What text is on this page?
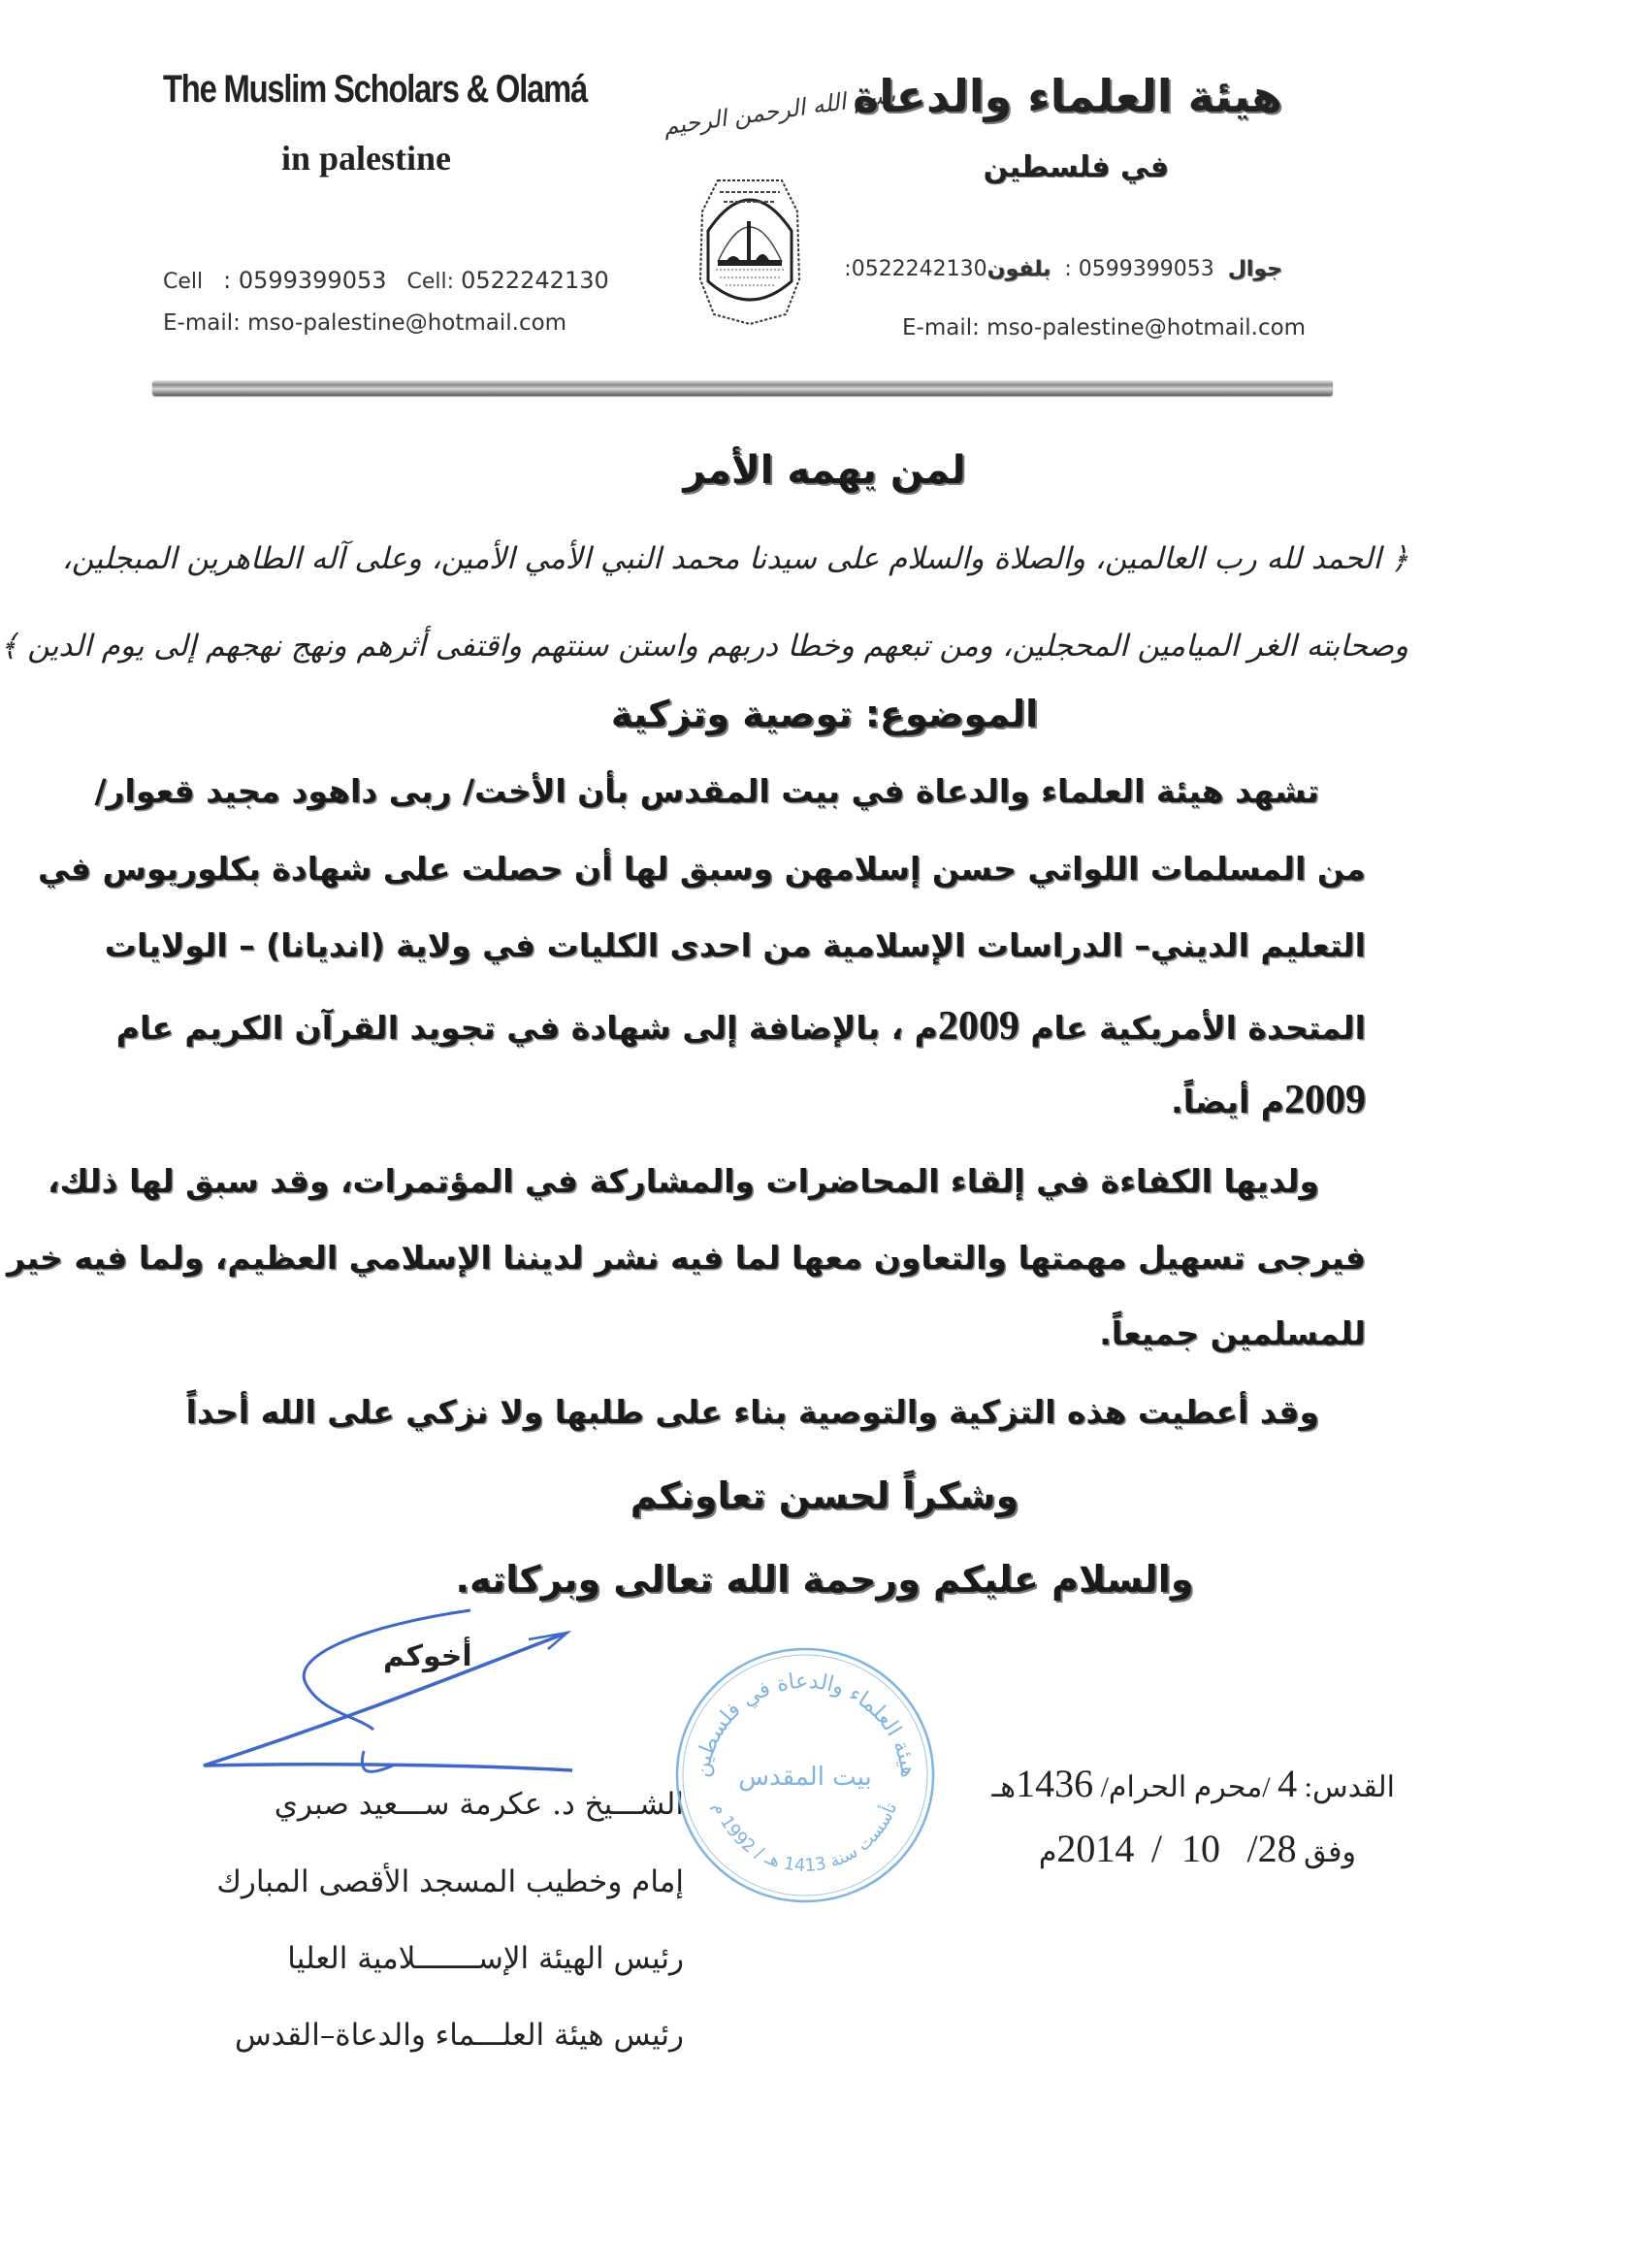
The Muslim Scholars & Olamá
in palestine
Cell : 0599399053 Cell: 0522242130
E-mail: mso-palestine@hotmail.com
بسم الله الرحمن الرحيم
هيئة العلماء والدعاة
في فلسطين
جوال  : 0599399053  بلفون:0522242130
E-mail: mso-palestine@hotmail.com
لمن يهمه الأمر
﴿ الحمد لله رب العالمين، والصلاة والسلام على سيدنا محمد النبي الأمي الأمين، وعلى آله الطاهرين المبجلين،
وصحابته الغر الميامين المحجلين، ومن تبعهم وخطا دربهم واستن سنتهم واقتفى أثرهم ونهج نهجهم إلى يوم الدين ﴾
الموضوع: توصية وتزكية
تشهد هيئة العلماء والدعاة في بيت المقدس بأن الأخت/ ربى داهود مجيد قعوار/
من المسلمات اللواتي حسن إسلامهن وسبق لها أن حصلت على شهادة بكلوريوس في
التعليم الديني– الدراسات الإسلامية من احدى الكليات في ولاية (انديانا) – الولايات
المتحدة الأمريكية عام 2009م ، بالإضافة إلى شهادة في تجويد القرآن الكريم عام
2009م أيضاً.
ولديها الكفاءة في إلقاء المحاضرات والمشاركة في المؤتمرات، وقد سبق لها ذلك،
فيرجى تسهيل مهمتها والتعاون معها لما فيه نشر لديننا الإسلامي العظيم، ولما فيه خير
للمسلمين جميعاً.
وقد أعطيت هذه التزكية والتوصية بناء على طلبها ولا نزكي على الله أحداً
وشكراً لحسن تعاونكم
والسلام عليكم ورحمة الله تعالى وبركاته.
أخوكم
الشـــيخ د. عكرمة ســـعيد صبري
إمام وخطيب المسجد الأقصى المبارك
رئيس الهيئة الإســـــــلامية العليا
رئيس هيئة العلـــماء والدعاة–القدس
هيئة العلماء والدعاة في فلسطين
بيت المقدس
تأسست سنة 1413 هـ / 1992 م
القدس: 4 /محرم الحرام/ 1436هـ
وفق 28/   10  /  2014م
